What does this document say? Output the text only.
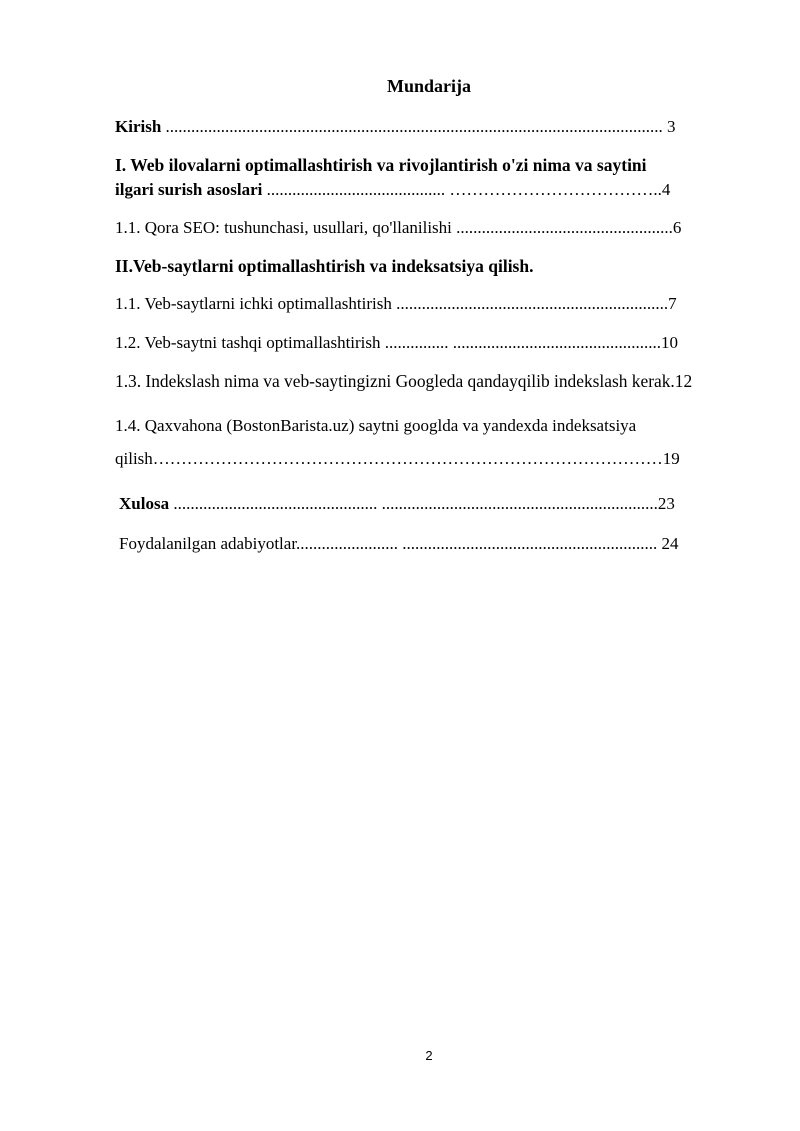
Mundarija
Kirish ..................................................................................................................... 3
I. Web ilovalarni optimallashtirish va rivojlantirish o'zi nima va saytini
ilgari surish asoslari .......................................... ………………………………..4
1.1. Qora SEO: tushunchasi, usullari, qo'llanilishi ...................................................6
II.Veb-saytlarni optimallashtirish va indeksatsiya qilish.
1.1. Veb-saytlarni ichki optimallashtirish ................................................................7
1.2. Veb-saytni tashqi optimallashtirish ............... .................................................10
1.3. Indekslash nima va veb-saytingizni Googleda qandayqilib indekslash kerak.12
1.4. Qaxvahona (BostonBarista.uz) saytni googlda va yandexda indeksatsiya
qilish………………………………………………………………………………19
Xulosa ................................................ .................................................................23
Foydalanilgan adabiyotlar........................ ............................................................ 24
2
